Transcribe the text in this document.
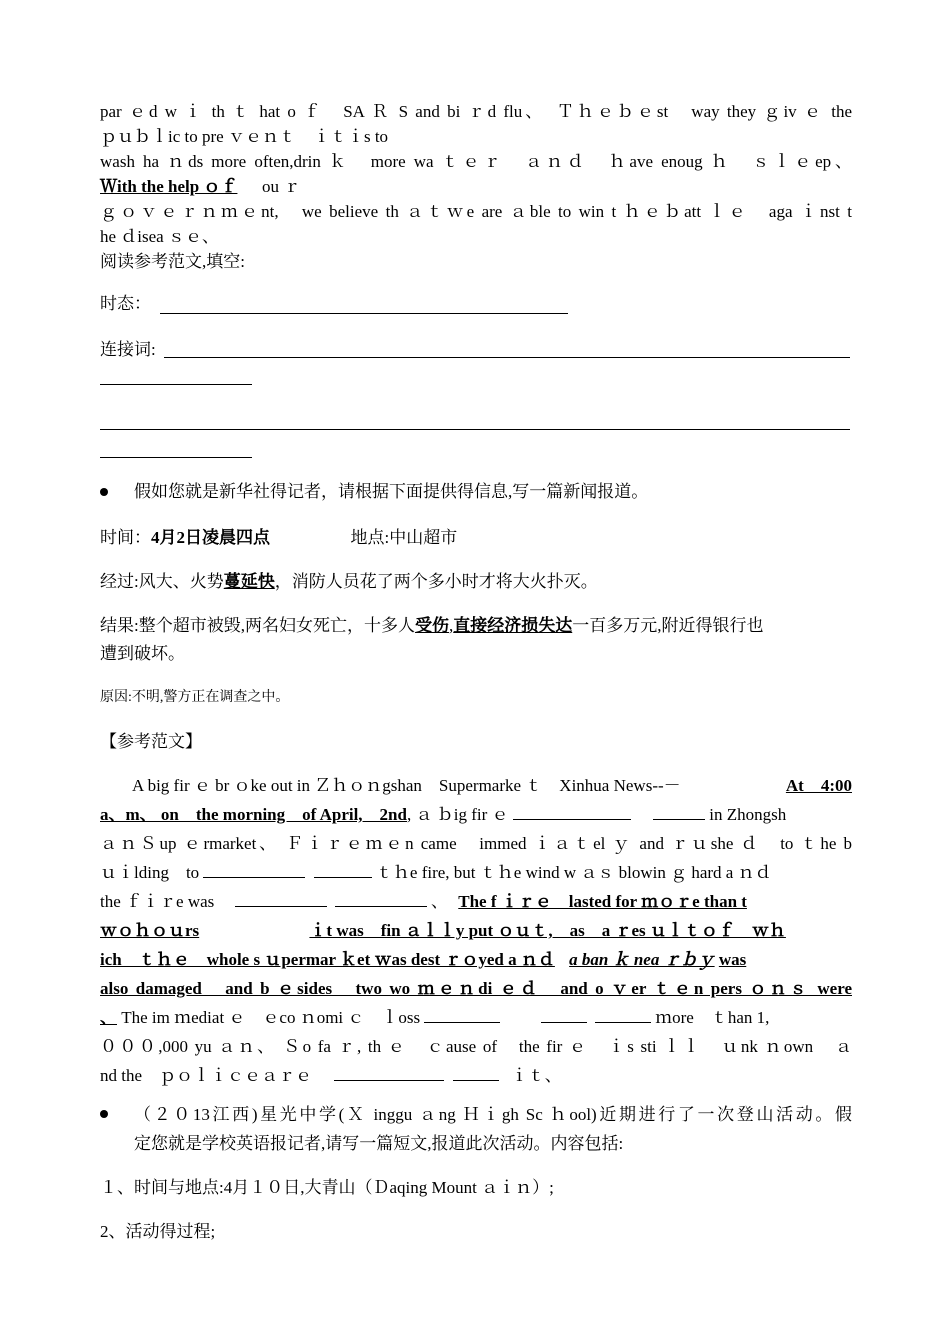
par ｅd w ｉ th ｔ hat o ｆ　SA Ｒ S and bi ｒd flu、　Ｔｈｅｂｅst　way they ｇiv ｅ the
ｐｕｂｌic to pre ｖｅｎｔ　ｉｔｉs to
wash ha ｎds more often,drin ｋ　more wa ｔｅｒ　ａｎｄ　ｈave enoug ｈ　ｓｌｅep、
Ｗith the help ｏｆ ou ｒ
ｇｏｖｅｒｎｍｅnt,　we believe th ａｔｗe are ａble to win t ｈｅｂatt ｌｅ　aga ｉnst t
he ｄisea ｓｅ、
阅读参考范文,填空:
时态：
连接词:
假如您就是新华社得记者，请根据下面提供得信息,写一篇新闻报道。
时间：4月2日凌晨四点	地点:中山超市
经过:风大、火势蔓延快，消防人员花了两个多小时才将大火扑灭。
结果:整个超市被毁,两名妇女死亡，十多人受伤,直接经济损失达一百多万元,附近得银行也
遭到破坏。
原因:不明,警方正在调查之中。
【参考范文】
A big fir ｅ br ｏke out in Ｚｈｏｎgshan　Supermarke ｔ　Xinhua News--－	At　4:00
a、m、 on　the morning　of April,　2nd, ａ ｂig fir ｅ	in Zhongsh
ａｎＳup ｅrmarket、 Ｆｉｒｅｍｅn came　immed ｉａｔel ｙ and ｒｕshe ｄ　to ｔhe b
ｕｉlding　to	ｔｈe fire, but ｔｈe wind w ａｓ blowin ｇ hard a ｎｄ
the ｆｉｒe was	、 The f ｉｒｅ　lasted for ｍｏｒe than t
ｗｏｈｏｕrs	ｉt was　fin ａｌｌy put ｏｕｔ,　as　a ｒes ｕｌｔｏｆ　ｗｈ
ich　ｔｈｅ　whole s ｕpermar ｋet ｗas dest ｒｏyed a ｎｄ a ban ｋ nea ｒｂｙ was
also damaged　and b ｅsides　two wo ｍｅｎdi ｅｄ　and o ｖer ｔｅn pers ｏｎｓ were
、 The im ｍediat ｅ　ｅco ｎomi ｃ　ｌoss	ｍore　ｔhan 1,
０００,000 yu ａｎ、 Ｓo fa ｒ, th ｅ　ｃause of　the fir ｅ　ｉs sti ｌｌ　ｕnk ｎown　ａ
nd the　ｐｏｌｉｃｅａｒｅ	ｉｔ、
（２０13江西)星光中学(Ｘ inggu ａng Ｈｉgh Sc ｈool)近期进行了一次登山活动。假
定您就是学校英语报记者,请写一篇短文,报道此次活动。内容包括:
１、时间与地点:4月１０日,大青山（Ｄaqing Mount ａｉｎ）;
2、活动得过程;
